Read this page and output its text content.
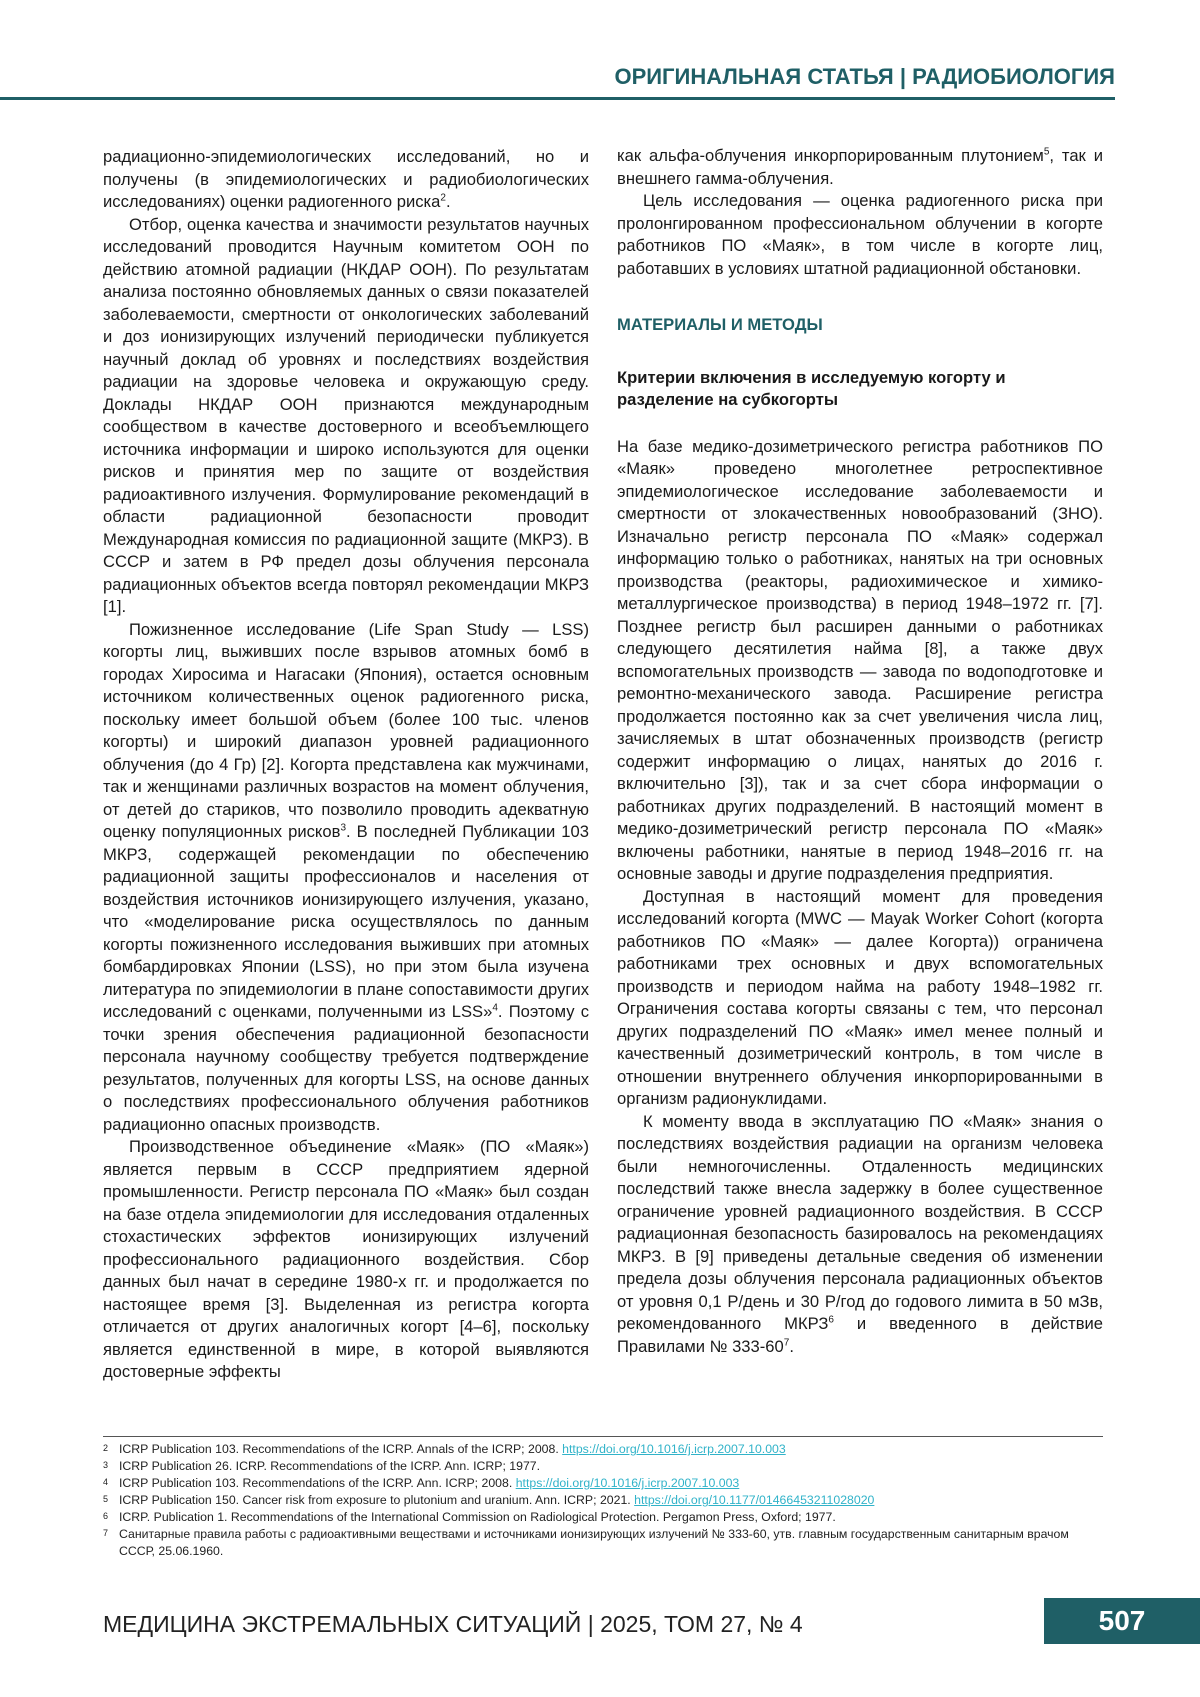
ОРИГИНАЛЬНАЯ СТАТЬЯ | РАДИОБИОЛОГИЯ

радиационно-эпидемиологических исследований, но и получены (в эпидемиологических и радиобиологических исследованиях) оценки радиогенного риска$^2$.

Отбор, оценка качества и значимости результатов научных исследований проводится Научным комитетом ООН по действию атомной радиации (НКДАР ООН). По результатам анализа постоянно обновляемых данных о связи показателей заболеваемости, смертности от онкологических заболеваний и доз ионизирующих излучений периодически публикуется научный доклад об уровнях и последствиях воздействия радиации на здоровье человека и окружающую среду. Доклады НКДАР ООН признаются международным сообществом в качестве достоверного и всеобъемлющего источника информации и широко используются для оценки рисков и принятия мер по защите от воздействия радиоактивного излучения. Формулирование рекомендаций в области радиационной безопасности проводит Международная комиссия по радиационной защите (МКРЗ). В СССР и затем в РФ предел дозы облучения персонала радиационных объектов всегда повторял рекомендации МКРЗ [1].

Пожизненное исследование (Life Span Study — LSS) когорты лиц, выживших после взрывов атомных бомб в городах Хиросима и Нагасаки (Япония), остается основным источником количественных оценок радиогенного риска, поскольку имеет большой объем (более 100 тыс. членов когорты) и широкий диапазон уровней радиационного облучения (до 4 Гр) [2]. Когорта представлена как мужчинами, так и женщинами различных возрастов на момент облучения, от детей до стариков, что позволило проводить адекватную оценку популяционных рисков$^3$. В последней Публикации 103 МКРЗ, содержащей рекомендации по обеспечению радиационной защиты профессионалов и населения от воздействия источников ионизирующего излучения, указано, что «моделирование риска осуществлялось по данным когорты пожизненного исследования выживших при атомных бомбардировках Японии (LSS), но при этом была изучена литература по эпидемиологии в плане сопоставимости других исследований с оценками, полученными из LSS»$^4$. Поэтому с точки зрения обеспечения радиационной безопасности персонала научному сообществу требуется подтверждение результатов, полученных для когорты LSS, на основе данных о последствиях профессионального облучения работников радиационно опасных производств.

Производственное объединение «Маяк» (ПО «Маяк») является первым в СССР предприятием ядерной промышленности. Регистр персонала ПО «Маяк» был создан на базе отдела эпидемиологии для исследования отдаленных стохастических эффектов ионизирующих излучений профессионального радиационного воздействия. Сбор данных был начат в середине 1980-х гг. и продолжается по настоящее время [3]. Выделенная из регистра когорта отличается от других аналогичных когорт [4–6], поскольку является единственной в мире, в которой выявляются достоверные эффекты

как альфа-облучения инкорпорированным плутонием$^5$, так и внешнего гамма-облучения.

Цель исследования — оценка радиогенного риска при пролонгированном профессиональном облучении в когорте работников ПО «Маяк», в том числе в когорте лиц, работавших в условиях штатной радиационной обстановки.

МАТЕРИАЛЫ И МЕТОДЫ
Критерии включения в исследуемую когорту и разделение на субкогорты

На базе медико-дозиметрического регистра работников ПО «Маяк» проведено многолетнее ретроспективное эпидемиологическое исследование заболеваемости и смертности от злокачественных новообразований (ЗНО). Изначально регистр персонала ПО «Маяк» содержал информацию только о работниках, нанятых на три основных производства (реакторы, радиохимическое и химико-металлургическое производства) в период 1948–1972 гг. [7]. Позднее регистр был расширен данными о работниках следующего десятилетия найма [8], а также двух вспомогательных производств — завода по водоподготовке и ремонтно-механического завода. Расширение регистра продолжается постоянно как за счет увеличения числа лиц, зачисляемых в штат обозначенных производств (регистр содержит информацию о лицах, нанятых до 2016 г. включительно [3]), так и за счет сбора информации о работниках других подразделений. В настоящий момент в медико-дозиметрический регистр персонала ПО «Маяк» включены работники, нанятые в период 1948–2016 гг. на основные заводы и другие подразделения предприятия.

Доступная в настоящий момент для проведения исследований когорта (MWC — Mayak Worker Cohort (когорта работников ПО «Маяк» — далее Когорта)) ограничена работниками трех основных и двух вспомогательных производств и периодом найма на работу 1948–1982 гг. Ограничения состава когорты связаны с тем, что персонал других подразделений ПО «Маяк» имел менее полный и качественный дозиметрический контроль, в том числе в отношении внутреннего облучения инкорпорированными в организм радионуклидами.

К моменту ввода в эксплуатацию ПО «Маяк» знания о последствиях воздействия радиации на организм человека были немногочисленны. Отдаленность медицинских последствий также внесла задержку в более существенное ограничение уровней радиационного воздействия. В СССР радиационная безопасность базировалось на рекомендациях МКРЗ. В [9] приведены детальные сведения об изменении предела дозы облучения персонала радиационных объектов от уровня 0,1 Р/день и 30 Р/год до годового лимита в 50 мЗв, рекомендованного МКРЗ$^6$ и введенного в действие Правилами № $333-60^7$.

2 ICRP Publication 103. Recommendations of the ICRP. Annals of the ICRP; 2008. https://doi.org/10.1016/j.icrp.2007.10.003
3 ICRP Publication 26. ICRP. Recommendations of the ICRP. Ann. ICRP; 1977.
4 ICRP Publication 103. Recommendations of the ICRP. Ann. ICRP; 2008. https://doi.org/10.1016/j.icrp.2007.10.003
5 ICRP Publication 150. Cancer risk from exposure to plutonium and uranium. Ann. ICRP; 2021. https://doi.org/10.1177/01466453211028020
6 ICRP. Publication 1. Recommendations of the International Commission on Radiological Protection. Pergamon Press, Oxford; 1977.
7 Санитарные правила работы с радиоактивными веществами и источниками ионизирующих излучений № 333-60, утв. главным государственным санитарным врачом СССР, 25.06.1960.
МЕДИЦИНА ЭКСТРЕМАЛЬНЫХ СИТУАЦИЙ | 2025, ТОМ 27, № 4	507
